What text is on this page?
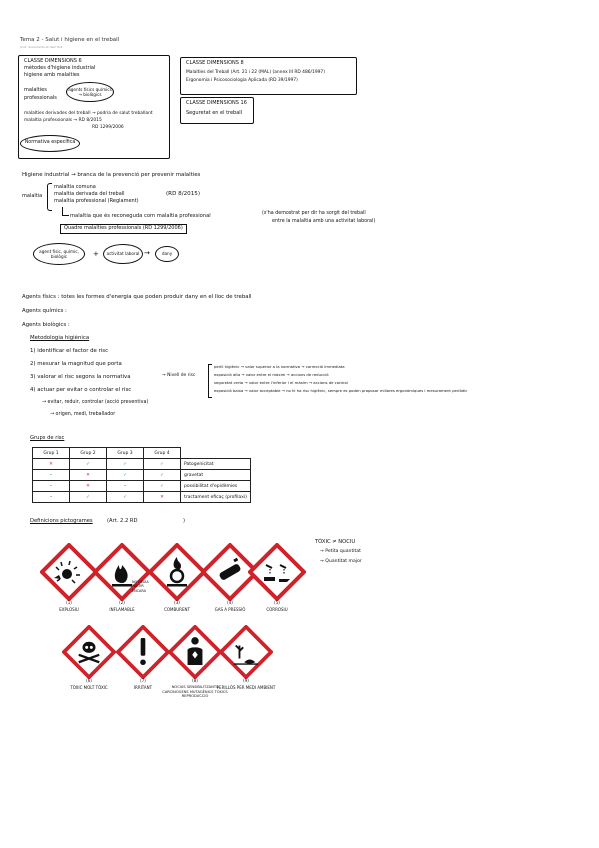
Tema 2 - Salut i higiene en el treball
Unit. documents at dem N.6
CLASSE DIMENSIONS 6
mètodes d'higiene industrial
higiene amb malalties
malalties professionals
agents físics químics → biològics
malalties derivades del treball → podria de salut treballant
malaltia professionals → RD 8/2015
RD 1299/2006
Normativa específica
CLASSE DIMENSIONS 8
Malalties del Treball (Art. 21 i 22 (MAL) (annex III RD 486/1997)
Ergonomia i Psicosociologia Aplicada (RD 39/1997)
CLASSE DIMENSIONS 16
Seguretat en el treball
Higiene industrial → branca de la prevenció per prevenir malalties
malaltia
malaltia comuna
malaltia derivada del treball
malaltia professional (Reglament)
(RD 8/2015)
malaltia que és reconeguda com malaltia professional	(s'ha demostrat per dir ha sorgit del treball
entre la malaltia amb una activitat laboral)
Quadre malalties professionals (RD 1299/2006)
agent físic, químic, biològic	+	activitat laboral →	dany
Agents físics : totes les formes d'energia que poden produir dany en el lloc de treball
Agents químics :
Agents biològics :
Metodologia higiènica
1) identificar el factor de risc
2) mesurar la magnitud que porta
3) valorar el risc segons la normativa
4) actuar per evitar o controlar el risc
→ Nivell de risc
perill higiènic → valor superior a la normativa → correcció immediata
exposició alta → valor entre el màxim → accions de reducció
seguretat certa → valor entre l'inferior i el màxim → accions de control
exposició baixa → valor acceptable → no hi ha risc higiènic, sempre es poden proposar millores ergonòmiques i mesurament periòdic
→ evitar, reduir, controlar (acció preventiva)
→ origen, medi, treballador
Grups de risc
Grup 1	Grup 2	Grup 3	Grup 4	
✕	✓	✓	✓	Patogenicitat
–	✕	✓	✓	gravetat
–	✕	–	✓	possibilitat d'epidèmies
–	✓	✓	✕	tractament eficaç (profilaxi)
Definicions pictogrames	(Art. 2.2 RD	)
TÒXIC ≠ NOCIU
→ Petita quantitat
→ Quantitat major
(1)
EXPLOSIU
(2)
INFLAMABLE
(3)
COMBURENT
(4)
GAS A PRESSIÓ
(5)
CORROSIU
NO DEIXA PARTIR ENCARA
(6)
TÒXIC MOLT TÒXIC
(7)
IRRITANT
(8)
NOCIUS SENSIBILITZANTS CARCINÒGENS MUTAGÈNICS TÒXICS REPRODUCCIÓ
(9)
PERILLÓS PER MEDI AMBIENT
